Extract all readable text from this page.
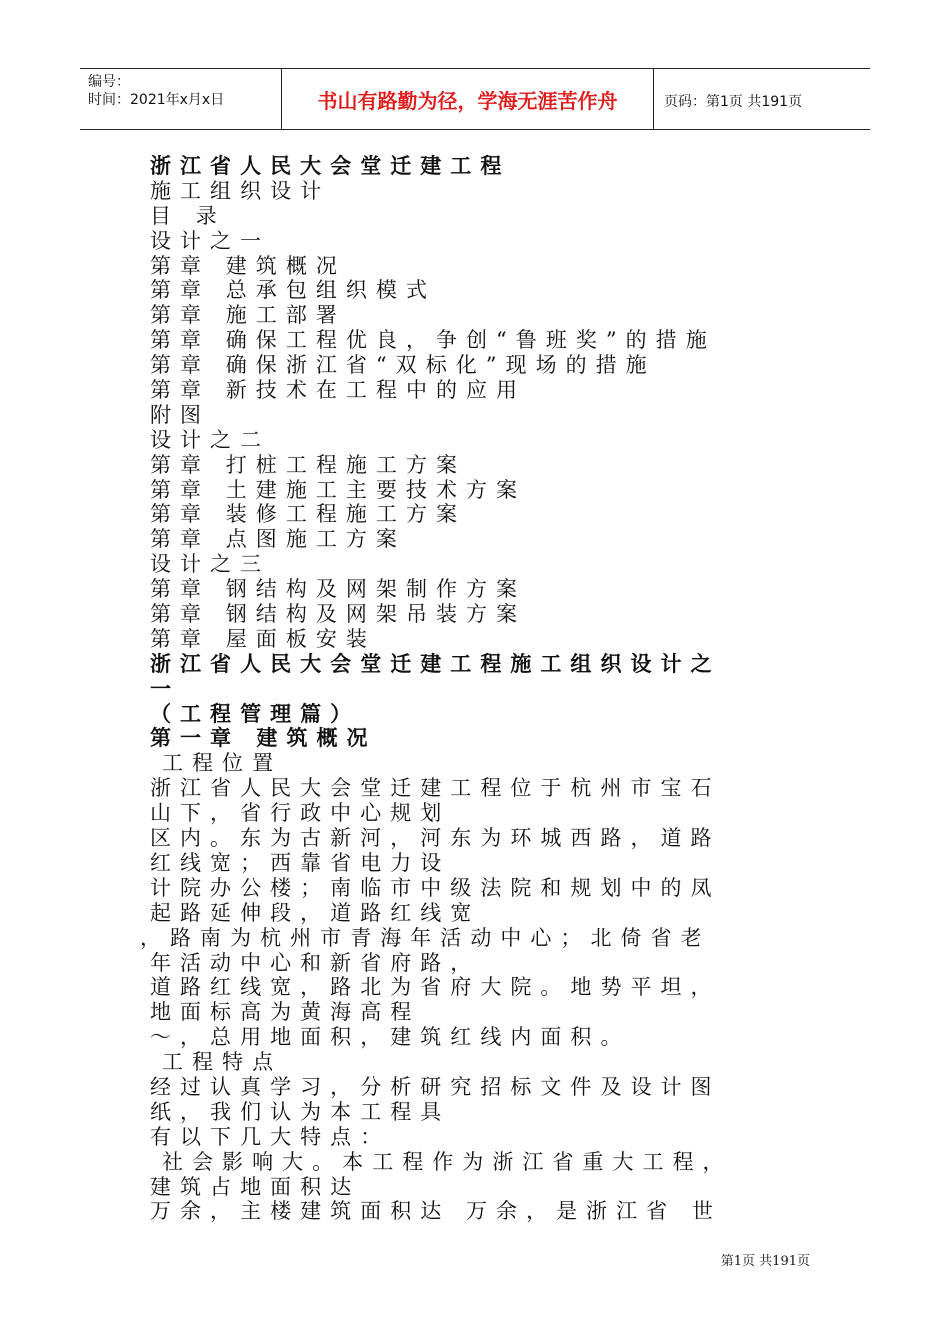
编号：
时间：2021年x月x日	书山有路勤为径，学海无涯苦作舟	页码：第1页 共191页
浙江省人民大会堂迁建工程
施工组织设计
目 录
设计之一
第章 建筑概况
第章 总承包组织模式
第章 施工部署
第章 确保工程优良，争创“鲁班奖”的措施
第章 确保浙江省“双标化”现场的措施
第章 新技术在工程中的应用
附图
设计之二
第章 打桩工程施工方案
第章 土建施工主要技术方案
第章 装修工程施工方案
第章 点图施工方案
设计之三
第章 钢结构及网架制作方案
第章 钢结构及网架吊装方案
第章 屋面板安装
浙江省人民大会堂迁建工程施工组织设计之
一
（工程管理篇）
第一章 建筑概况
工程位置
浙江省人民大会堂迁建工程位于杭州市宝石
山下，省行政中心规划
区内。东为古新河，河东为环城西路，道路
红线宽；西靠省电力设
计院办公楼；南临市中级法院和规划中的凤
起路延伸段，道路红线宽
，路南为杭州市青海年活动中心；北倚省老
年活动中心和新省府路，
道路红线宽，路北为省府大院。地势平坦，
地面标高为黄海高程
～，总用地面积，建筑红线内面积。
工程特点
经过认真学习，分析研究招标文件及设计图
纸，我们认为本工程具
有以下几大特点：
社会影响大。本工程作为浙江省重大工程，
建筑占地面积达
万余，主楼建筑面积达 万余，是浙江省 世
第1页 共191页
